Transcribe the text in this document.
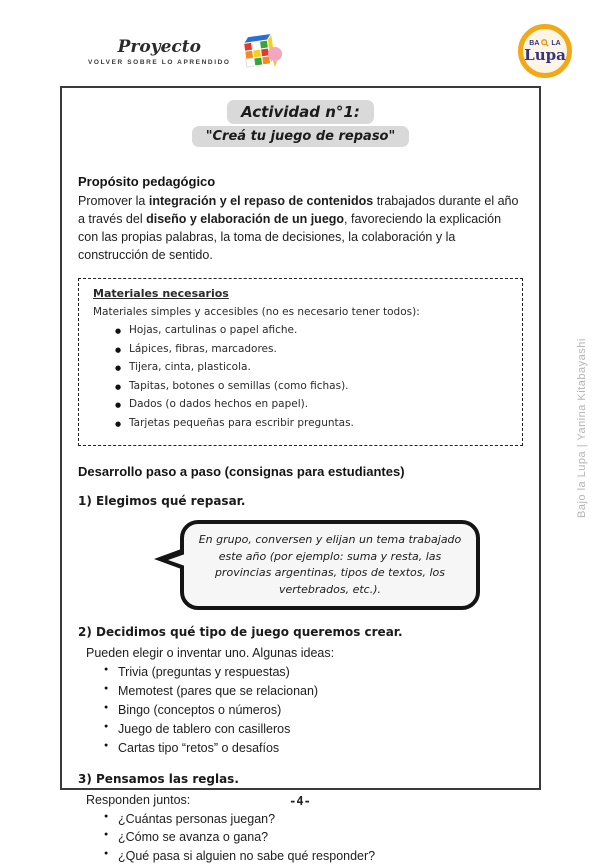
Proyecto
VOLVER SOBRE LO APRENDIDO
BA LA
Lupa
Actividad n°1:
"Creá tu juego de repaso"
Propósito pedagógico

Promover la integración y el repaso de contenidos trabajados durante el año a través del diseño y elaboración de un juego, favoreciendo la explicación con las propias palabras, la toma de decisiones, la colaboración y la construcción de sentido.

Materiales necesarios
Materiales simples y accesibles (no es necesario tener todos):
● Hojas, cartulinas o papel afiche.
● Lápices, fibras, marcadores.
● Tijera, cinta, plasticola.
● Tapitas, botones o semillas (como fichas).
● Dados (o dados hechos en papel).
● Tarjetas pequeñas para escribir preguntas.
Desarrollo paso a paso (consignas para estudiantes)
1) Elegimos qué repasar.
En grupo, conversen y elijan un tema trabajado este año (por ejemplo: suma y resta, las provincias argentinas, tipos de textos, los vertebrados, etc.).
2) Decidimos qué tipo de juego queremos crear.
Pueden elegir o inventar uno. Algunas ideas:
● Trivia (preguntas y respuestas)
● Memotest (pares que se relacionan)
● Bingo (conceptos o números)
● Juego de tablero con casilleros
● Cartas tipo “retos” o desafíos
3) Pensamos las reglas.
Responden juntos:
● ¿Cuántas personas juegan?
● ¿Cómo se avanza o gana?
● ¿Qué pasa si alguien no sabe qué responder?
Bajo la Lupa | Yanina Kitabayashi
-4-
